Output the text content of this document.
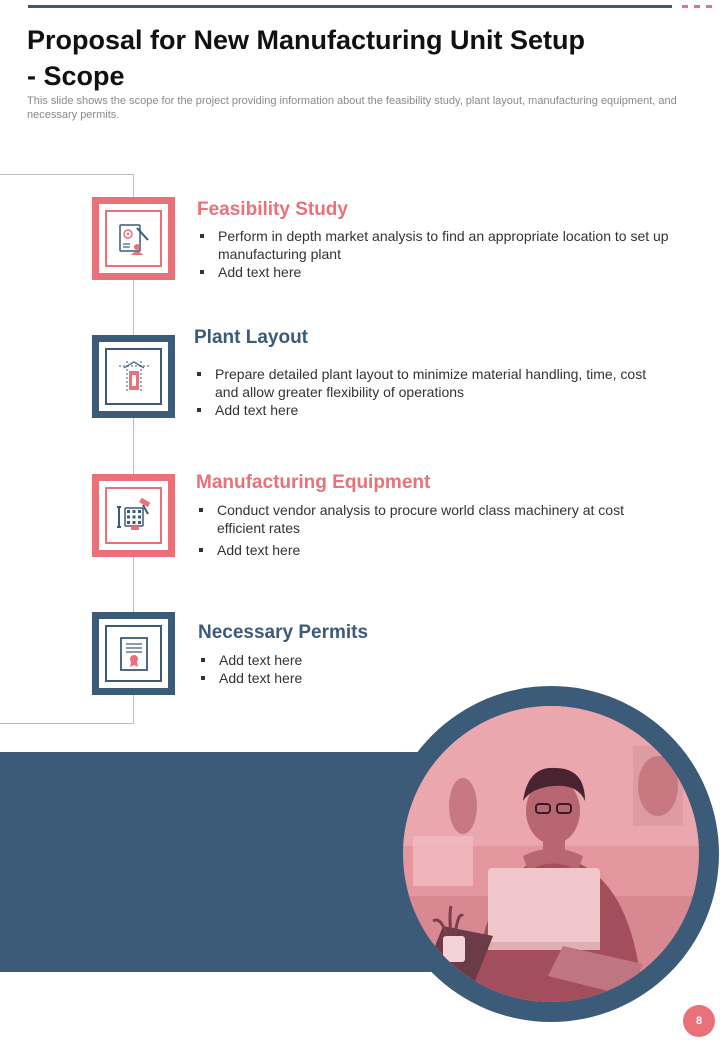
Proposal for New Manufacturing Unit Setup - Scope

This slide shows the scope for the project providing information about the feasibility study, plant layout, manufacturing equipment, and necessary permits.

Feasibility Study
Perform in depth market analysis to find an appropriate location to set up manufacturing plant
Add text here
Plant Layout
Prepare detailed plant layout to minimize material handling, time, cost and allow greater flexibility of operations
Add text here
Manufacturing Equipment
Conduct vendor analysis to procure world class machinery at cost efficient rates
Add text here
Necessary Permits
Add text here
Add text here
8
